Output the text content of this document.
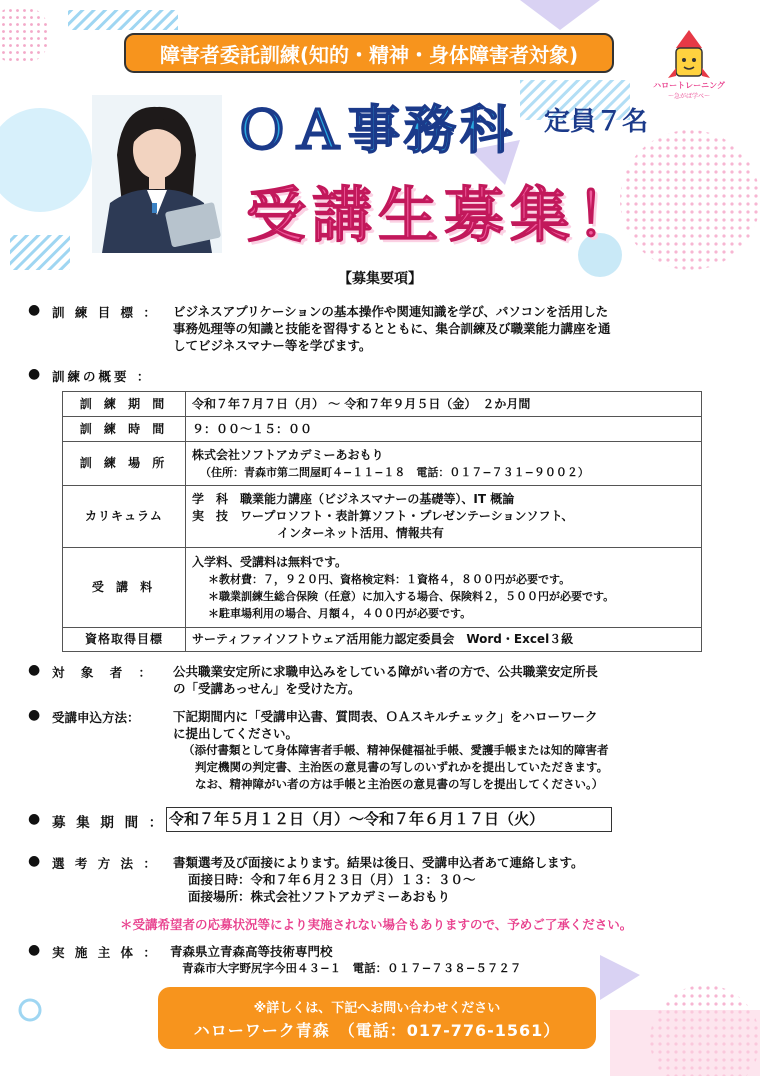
障害者委託訓練(知的・精神・身体障害者対象)
ハロートレーニング
〜急がば学べ〜
ＯＡ事務科 定員７名
受講生募集！
【募集要項】
● 訓 練 目 標 ： ビジネスアプリケーションの基本操作や関連知識を学び、パソコンを活用した
事務処理等の知識と技能を習得するとともに、集合訓練及び職業能力講座を通
してビジネスマナー等を学びます。
● 訓練の概要 ：
訓 練 期 間	令和７年７月７日（月） 〜 令和７年９月５日（金）　２か月間

訓 練 時 間	９：００〜１５：００

訓 練 場 所	株式会社ソフトアカデミーあおもり
（住所：青森市第二問屋町４−１１−１８　電話：０１７−７３１−９００２）

カリキュラム	学　科　職業能力講座（ビジネスマナーの基礎等）、IT 概論
実　技　ワープロソフト・表計算ソフト・プレゼンテーションソフト、
インターネット活用、情報共有

受 講 料	入学料、受講料は無料です。
＊教材費：７，９２０円、資格検定料：１資格４，８００円が必要です。
＊職業訓練生総合保険（任意）に加入する場合、保険料２，５００円が必要です。
＊駐車場利用の場合、月額４，４００円が必要です。

資格取得目標	サーティファイソフトウェア活用能力認定委員会　Word・Excel３級
● 対 象 者 ： 公共職業安定所に求職申込みをしている障がい者の方で、公共職業安定所長
の「受講あっせん」を受けた方。
● 受講申込方法：	下記期間内に「受講申込書、質問表、ＯＡスキルチェック」をハローワーク
に提出してください。
（添付書類として身体障害者手帳、精神保健福祉手帳、愛護手帳または知的障害者
判定機関の判定書、主治医の意見書の写しのいずれかを提出していただきます。
なお、精神障がい者の方は手帳と主治医の意見書の写しを提出してください。）
● 募 集 期 間 ： 令和７年５月１２日（月）〜令和７年６月１７日（火）
● 選 考 方 法 ： 書類選考及び面接によります。結果は後日、受講申込者あて連絡します。
面接日時：令和７年６月２３日（月）１３：３０〜
面接場所：株式会社ソフトアカデミーあおもり
＊受講希望者の応募状況等により実施されない場合もありますので、予めご了承ください。
● 実 施 主 体 ： 青森県立青森高等技術専門校
青森市大字野尻字今田４３−１　電話：０１７−７３８−５７２７
※詳しくは、下記へお問い合わせください
ハローワーク青森　（電話：017-776-1561）
